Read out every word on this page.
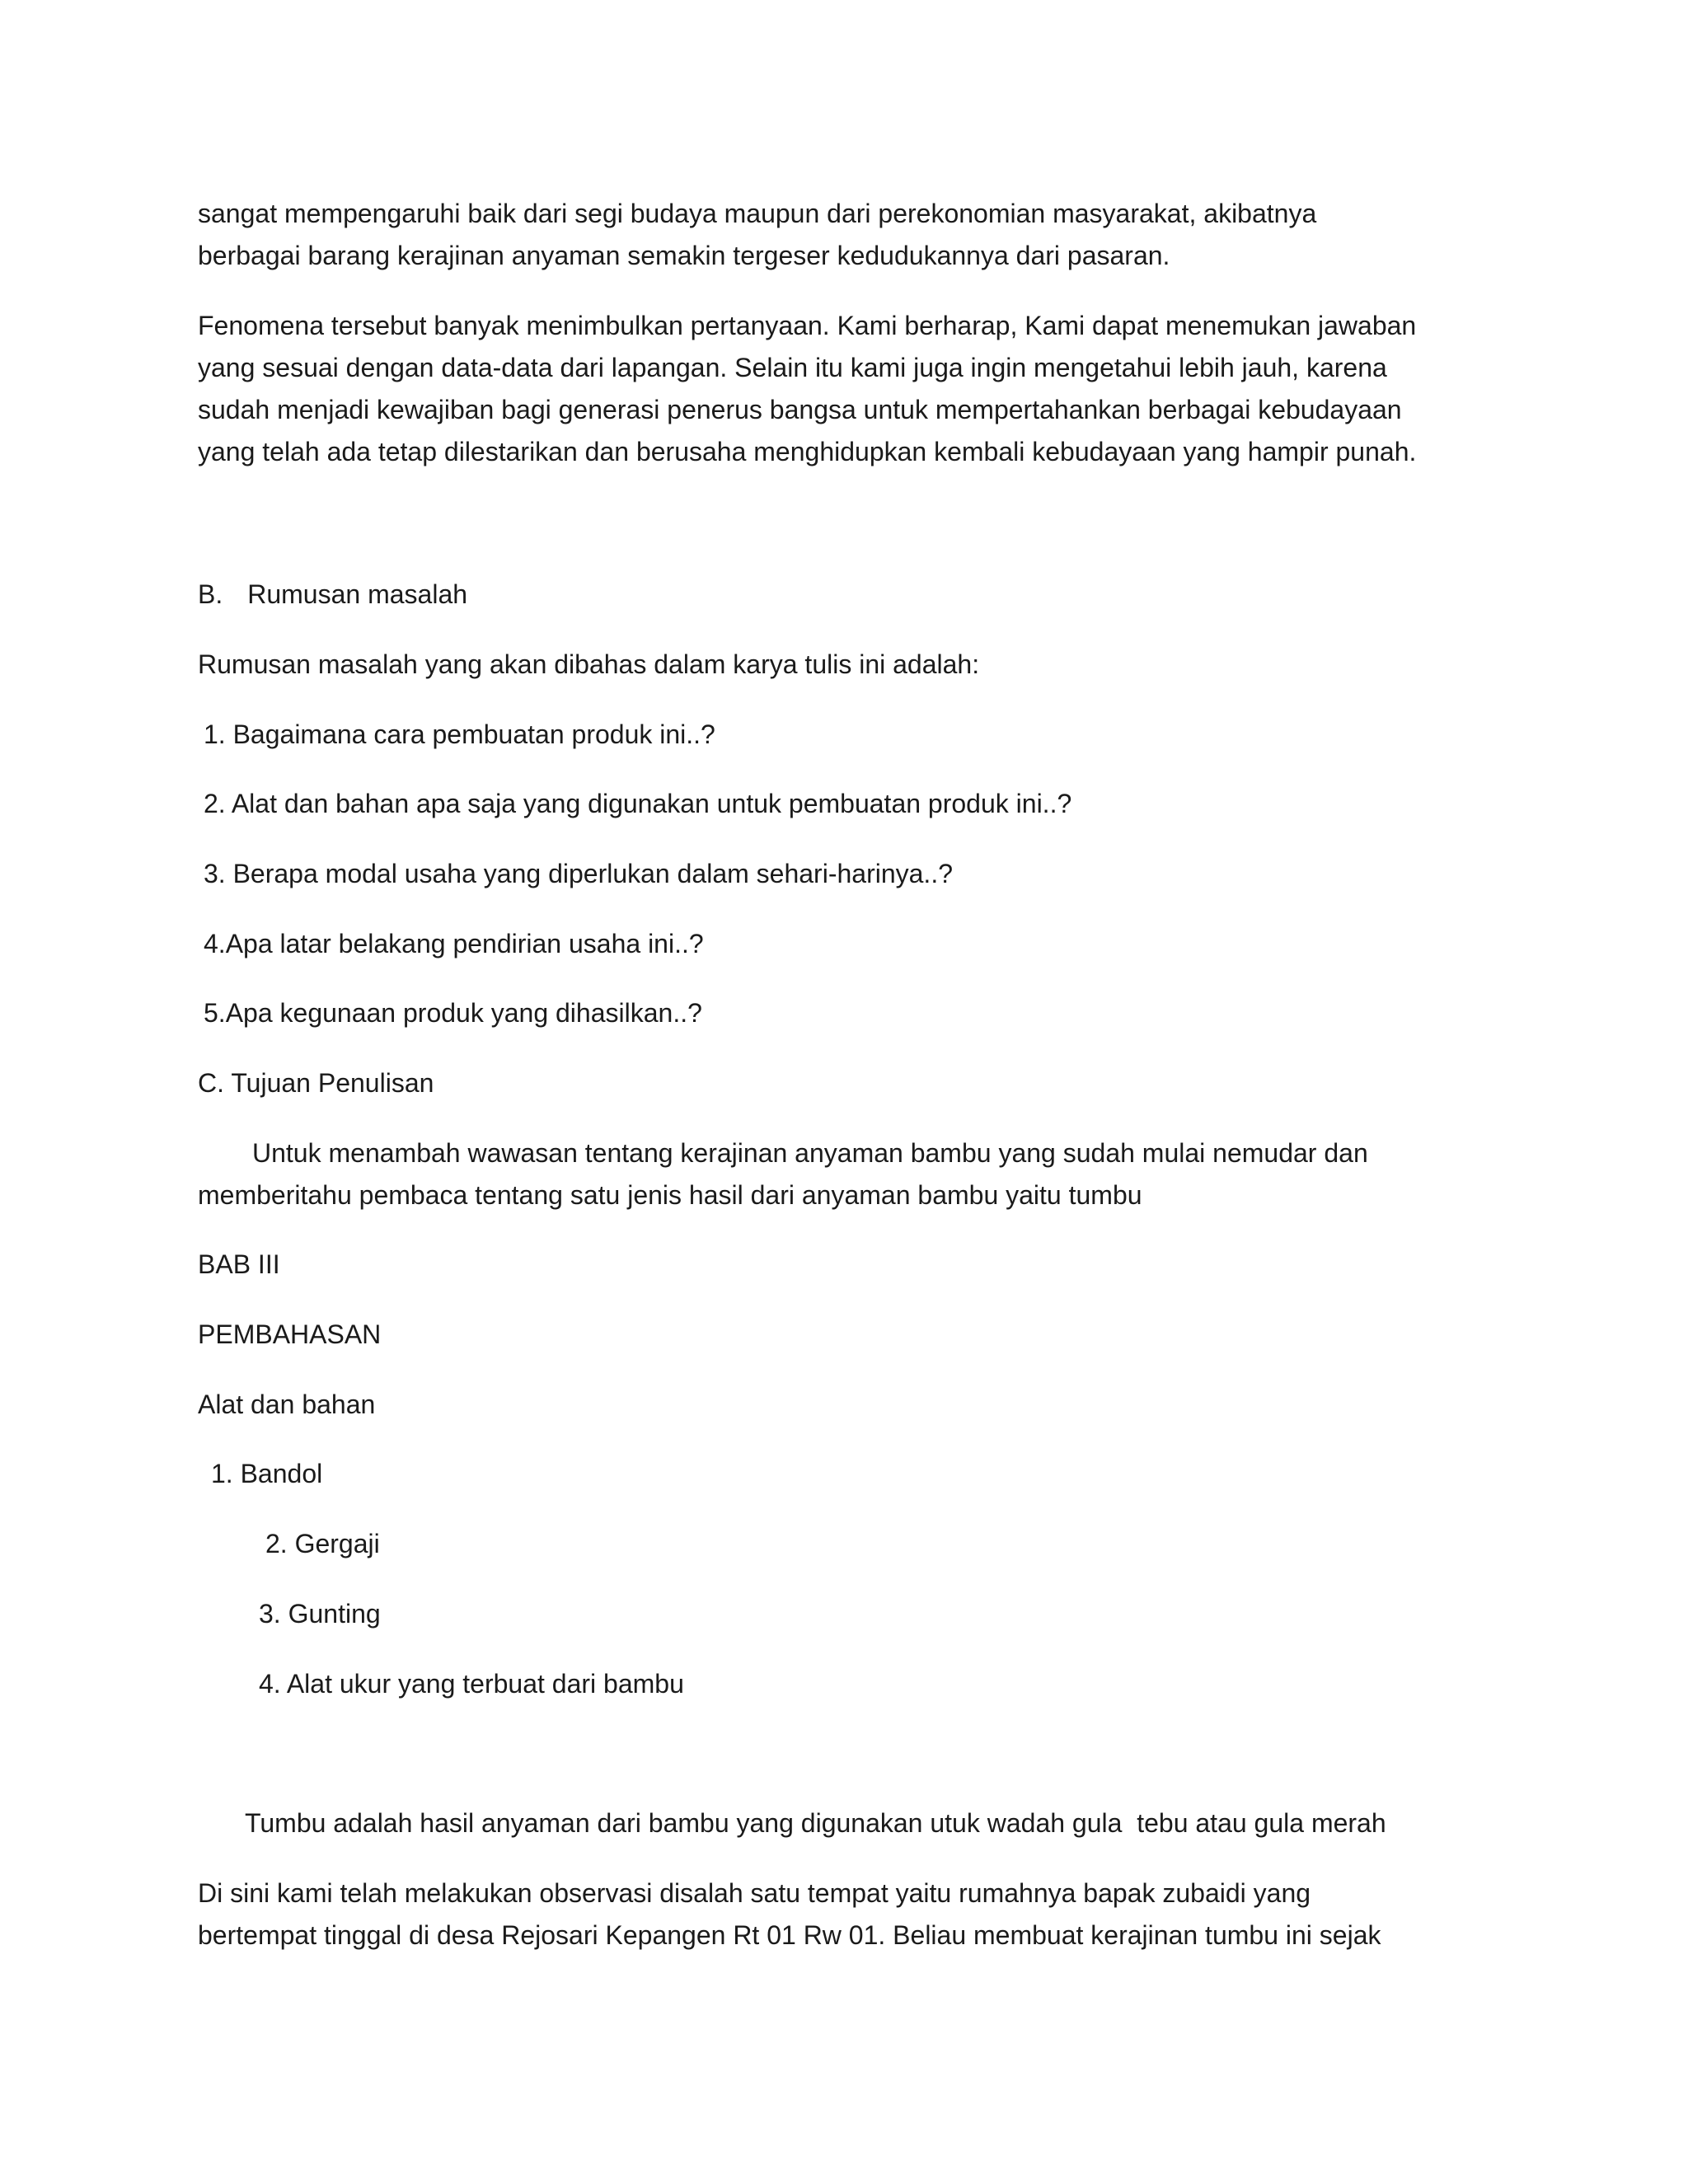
sangat mempengaruhi baik dari segi budaya maupun dari perekonomian masyarakat, akibatnya

berbagai barang kerajinan anyaman semakin tergeser kedudukannya dari pasaran.

Fenomena tersebut banyak menimbulkan pertanyaan. Kami berharap, Kami dapat menemukan jawaban

yang sesuai dengan data-data dari lapangan. Selain itu kami juga ingin mengetahui lebih jauh, karena

sudah menjadi kewajiban bagi generasi penerus bangsa untuk mempertahankan berbagai kebudayaan

yang telah ada tetap dilestarikan dan berusaha menghidupkan kembali kebudayaan yang hampir punah.

B. Rumusan masalah

Rumusan masalah yang akan dibahas dalam karya tulis ini adalah:

1. Bagaimana cara pembuatan produk ini..?

2. Alat dan bahan apa saja yang digunakan untuk pembuatan produk ini..?

3. Berapa modal usaha yang diperlukan dalam sehari-harinya..?

4.Apa latar belakang pendirian usaha ini..?

5.Apa kegunaan produk yang dihasilkan..?

C. Tujuan Penulisan

Untuk menambah wawasan tentang kerajinan anyaman bambu yang sudah mulai nemudar dan

memberitahu pembaca tentang satu jenis hasil dari anyaman bambu yaitu tumbu

BAB III

PEMBAHASAN

Alat dan bahan

1. Bandol

2. Gergaji

3. Gunting

4. Alat ukur yang terbuat dari bambu

Tumbu adalah hasil anyaman dari bambu yang digunakan utuk wadah gula  tebu atau gula merah

Di sini kami telah melakukan observasi disalah satu tempat yaitu rumahnya bapak zubaidi yang

bertempat tinggal di desa Rejosari Kepangen Rt 01 Rw 01. Beliau membuat kerajinan tumbu ini sejak
